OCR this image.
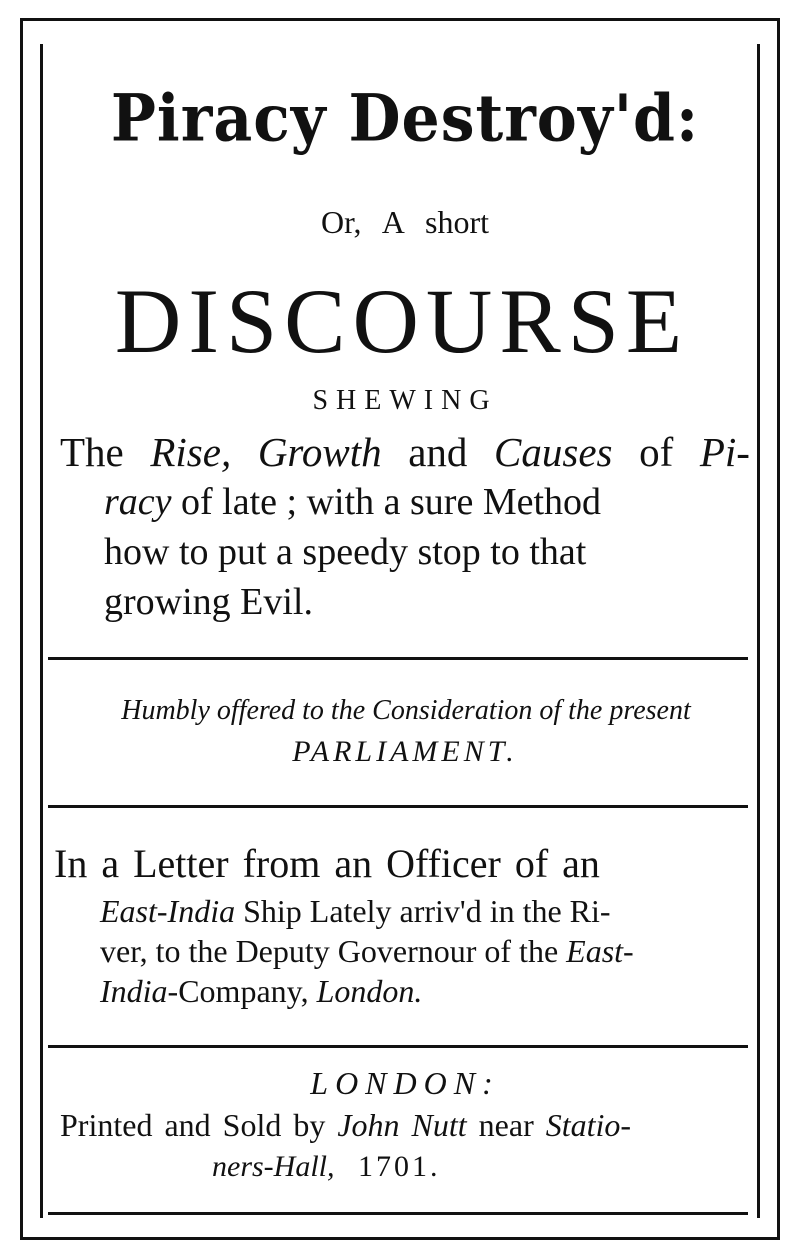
Piracy Destroy'd:
Or, A short
DISCOURSE
SHEWING
The Rise, Growth and Causes of Pi-
racy of late ; with a sure Method
how to put a speedy stop to that
growing Evil.
Humbly offered to the Consideration of the present
PARLIAMENT.
In a Letter from an Officer of an
East-India Ship Lately arriv'd in the Ri-
ver, to the Deputy Governour of the East-
India-Company, London.
LONDON:
Printed and Sold by John Nutt near Statio-
ners-Hall, 1701.
